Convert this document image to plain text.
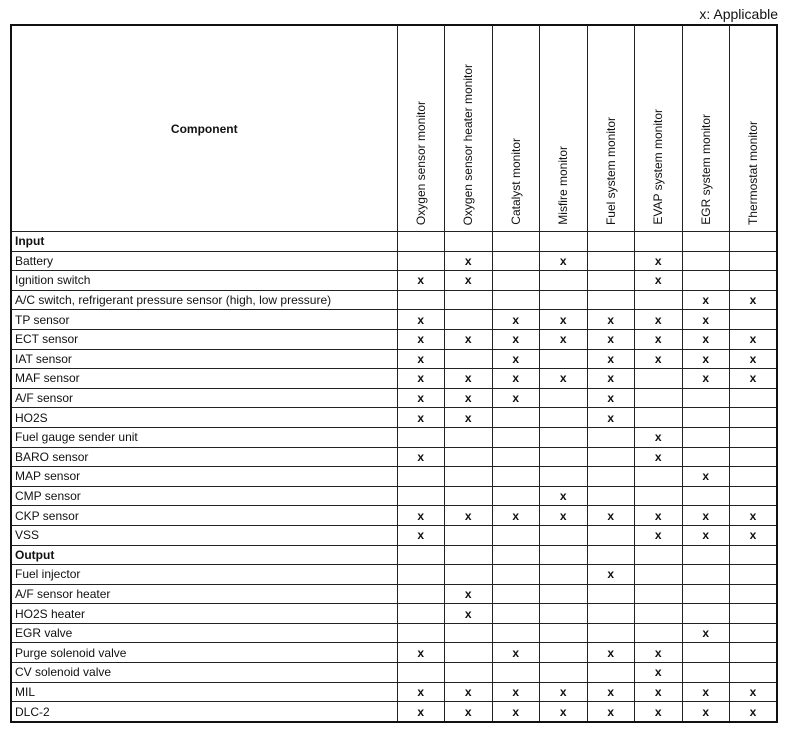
x: Applicable
Component	Oxygen sensor monitor	Oxygen sensor heater monitor	Catalyst monitor	Misfire monitor	Fuel system monitor	EVAP system monitor	EGR system monitor	Thermostat monitor

Input								
Battery		x		x		x		
Ignition switch	x	x				x		
A/C switch, refrigerant pressure sensor (high, low pressure)							x	x
TP sensor	x		x	x	x	x	x	
ECT sensor	x	x	x	x	x	x	x	x
IAT sensor	x		x		x	x	x	x
MAF sensor	x	x	x	x	x		x	x
A/F sensor	x	x	x		x			
HO2S	x	x			x			
Fuel gauge sender unit						x		
BARO sensor	x					x		
MAP sensor							x	
CMP sensor				x				
CKP sensor	x	x	x	x	x	x	x	x
VSS	x					x	x	x
Output								
Fuel injector					x			
A/F sensor heater		x						
HO2S heater		x						
EGR valve							x	
Purge solenoid valve	x		x		x	x		
CV solenoid valve						x		
MIL	x	x	x	x	x	x	x	x
DLC-2	x	x	x	x	x	x	x	x
